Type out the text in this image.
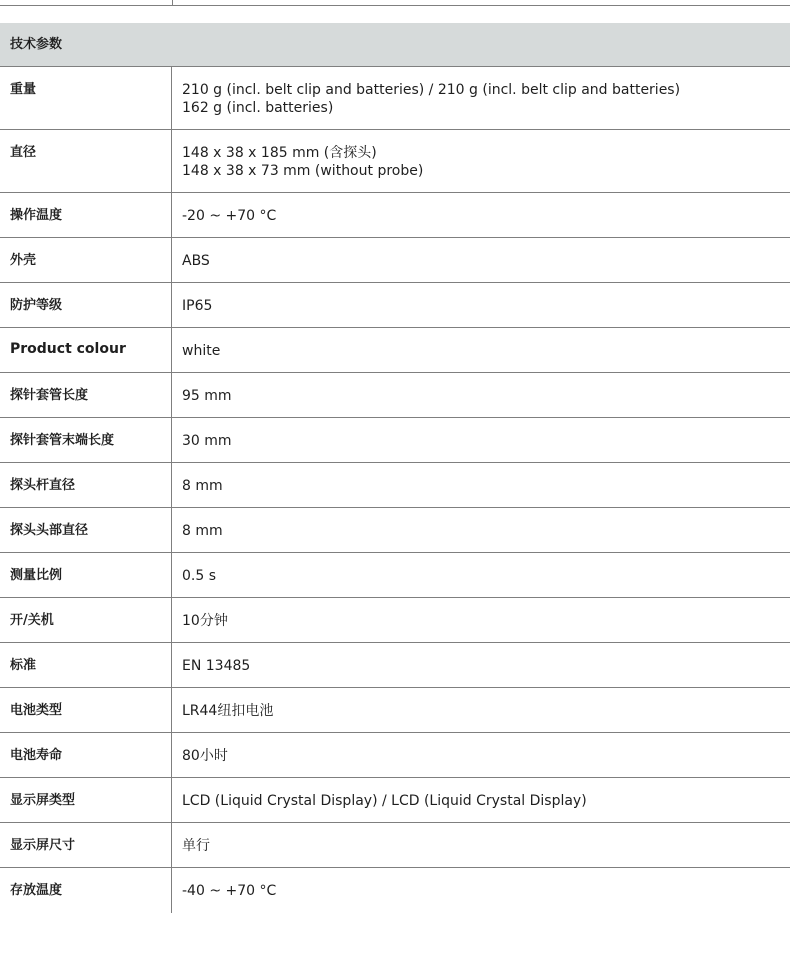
技术参数
重量	210 g (incl. belt clip and batteries) / 210 g (incl. belt clip and batteries)
162 g (incl. batteries)
直径	148 x 38 x 185 mm (含探头)
148 x 38 x 73 mm (without probe)
操作温度	-20 ~ +70 °C
外壳	ABS
防护等级	IP65
Product colour	white
探针套管长度	95 mm
探针套管末端长度	30 mm
探头杆直径	8 mm
探头头部直径	8 mm
测量比例	0.5 s
开/关机	10分钟
标准	EN 13485
电池类型	LR44纽扣电池
电池寿命	80小时
显示屏类型	LCD (Liquid Crystal Display) / LCD (Liquid Crystal Display)
显示屏尺寸	单行
存放温度	-40 ~ +70 °C
